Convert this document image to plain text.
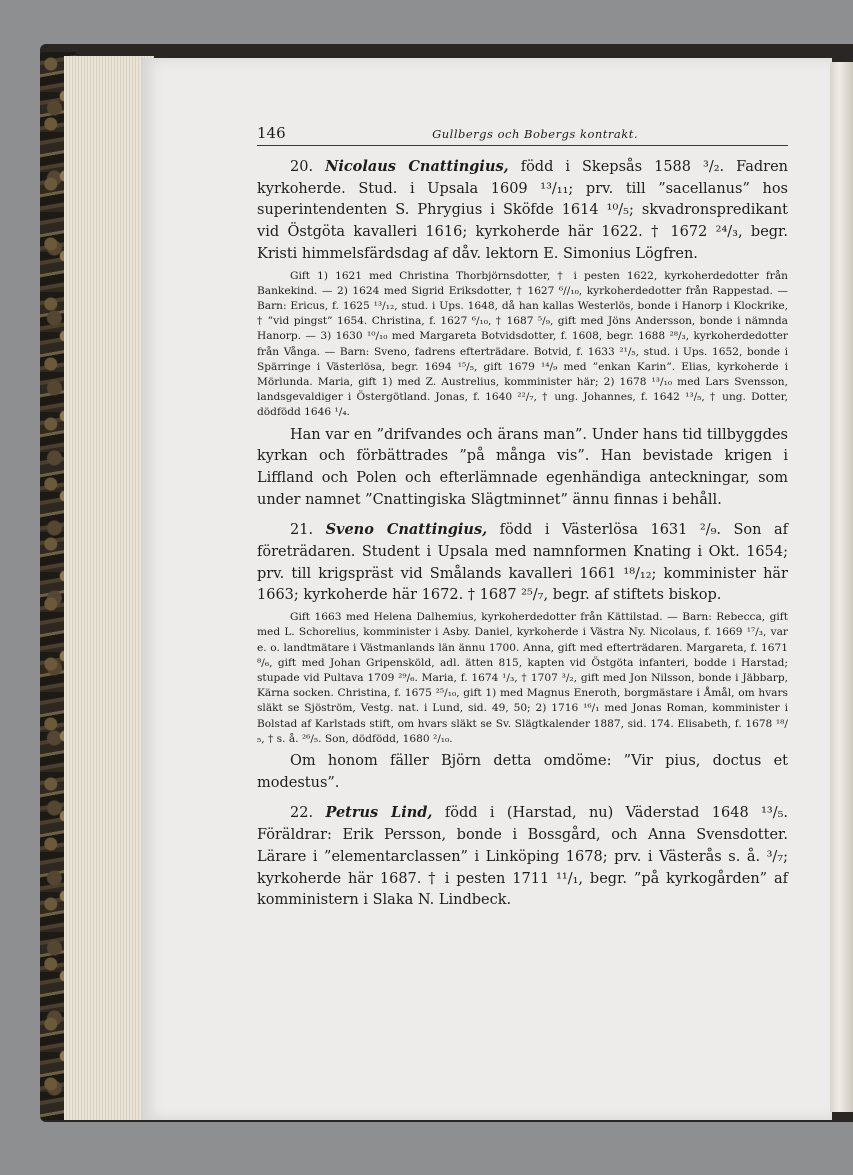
146	Gullbergs och Bobergs kontrakt.

20. Nicolaus Cnattingius, född i Skepsås 1588 ³/₂. Fadren kyrkoherde. Stud. i Upsala 1609 ¹³/₁₁; prv. till ”sacellanus” hos superintendenten S. Phrygius i Sköfde 1614 ¹⁰/₅; skvadronspredikant vid Östgöta kavalleri 1616; kyrkoherde här 1622. † 1672 ²⁴/₃, begr. Kristi himmelsfärdsdag af dåv. lektorn E. Simonius Lögfren.

Gift 1) 1621 med Christina Thorbjörnsdotter, † i pesten 1622, kyrkoherdedotter från Bankekind. — 2) 1624 med Sigrid Eriksdotter, † 1627 ⁶//₁₀, kyrkoherdedotter från Rappestad. — Barn: Ericus, f. 1625 ¹³/₁₂, stud. i Ups. 1648, då han kallas Westerlös, bonde i Hanorp i Klockrike, † ”vid pingst” 1654. Christina, f. 1627 ⁶/₁₀, † 1687 ⁵/₉, gift med Jöns Andersson, bonde i nämnda Hanorp. — 3) 1630 ¹⁰/₁₀ med Margareta Botvidsdotter, f. 1608, begr. 1688 ²⁸/₃, kyrkoherdedotter från Vånga. — Barn: Sveno, fadrens efterträdare. Botvid, f. 1633 ²¹/₅, stud. i Ups. 1652, bonde i Spärringe i Västerlösa, begr. 1694 ¹⁵/₅, gift 1679 ¹⁴/₉ med ”enkan Karin”. Elias, kyrkoherde i Mörlunda. Maria, gift 1) med Z. Austrelius, komminister här; 2) 1678 ¹³/₁₀ med Lars Svensson, landsgevaldiger i Östergötland. Jonas, f. 1640 ²²/₇, † ung. Johannes, f. 1642 ¹³/₅, † ung. Dotter, dödfödd 1646 ¹/₄.

Han var en ”drifvandes och ärans man”. Under hans tid tillbyggdes kyrkan och förbättrades ”på många vis”. Han bevistade krigen i Liffland och Polen och efterlämnade egenhändiga anteckningar, som under namnet ”Cnattingiska Slägtminnet” ännu finnas i behåll.

21. Sveno Cnattingius, född i Västerlösa 1631 ²/₉. Son af företrädaren. Student i Upsala med namnformen Knating i Okt. 1654; prv. till krigspräst vid Smålands kavalleri 1661 ¹⁸/₁₂; komminister här 1663; kyrkoherde här 1672. † 1687 ²⁵/₇, begr. af stiftets biskop.

Gift 1663 med Helena Dalhemius, kyrkoherdedotter från Kättilstad. — Barn: Rebecca, gift med L. Schorelius, komminister i Asby. Daniel, kyrkoherde i Västra Ny. Nicolaus, f. 1669 ¹⁷/₃, var e. o. landtmätare i Västmanlands län ännu 1700. Anna, gift med efterträdaren. Margareta, f. 1671 ⁸/₆, gift med Johan Gripensköld, adl. ätten 815, kapten vid Östgöta infanteri, bodde i Harstad; stupade vid Pultava 1709 ²⁹/₆. Maria, f. 1674 ¹/₃, † 1707 ³/₂, gift med Jon Nilsson, bonde i Jäbbarp, Kärna socken. Christina, f. 1675 ²⁵/₁₀, gift 1) med Magnus Eneroth, borgmästare i Åmål, om hvars släkt se Sjöström, Vestg. nat. i Lund, sid. 49, 50; 2) 1716 ¹⁶/₁ med Jonas Roman, komminister i Bolstad af Karlstads stift, om hvars släkt se Sv. Slägtkalender 1887, sid. 174. Elisabeth, f. 1678 ¹⁸/₅, † s. å. ²⁶/₅. Son, dödfödd, 1680 ²/₁₀.

Om honom fäller Björn detta omdöme: ”Vir pius, doctus et modestus”.

22. Petrus Lind, född i (Harstad, nu) Väderstad 1648 ¹³/₅. Föräldrar: Erik Persson, bonde i Bossgård, och Anna Svensdotter. Lärare i ”elementarclassen” i Linköping 1678; prv. i Västerås s. å. ³/₇; kyrkoherde här 1687. † i pesten 1711 ¹¹/₁, begr. ”på kyrkogården” af komministern i Slaka N. Lindbeck.
